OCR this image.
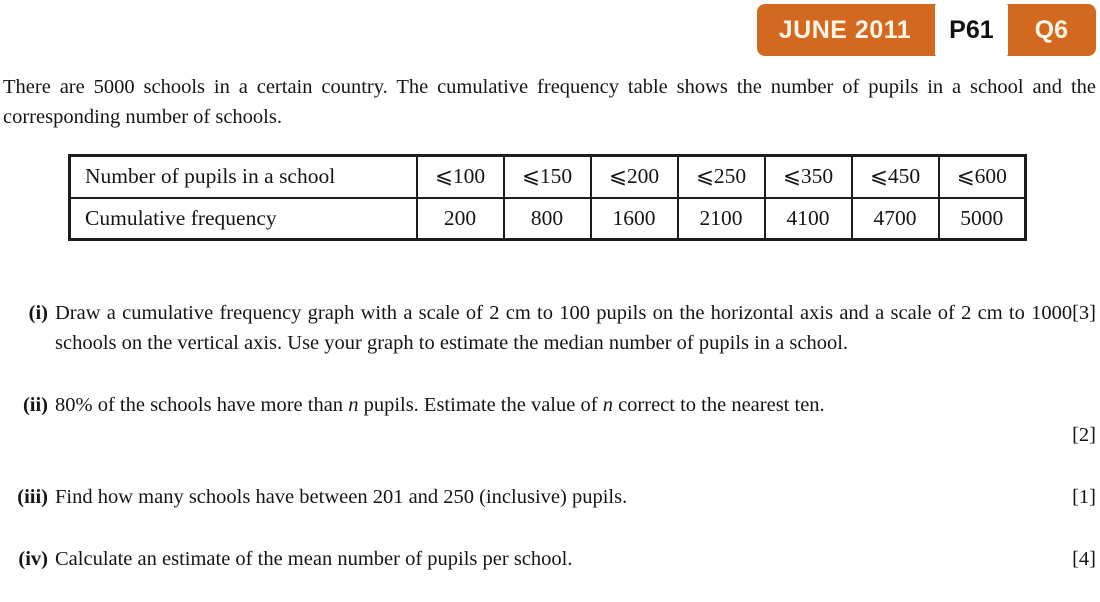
JUNE 2011	P61	Q6

There are 5000 schools in a certain country. The cumulative frequency table shows the number of pupils in a school and the corresponding number of schools.

Number of pupils in a school	⩽100	⩽150	⩽200	⩽250	⩽350	⩽450	⩽600
Cumulative frequency	200	800	1600	2100	4100	4700	5000
(i)	[3]
Draw a cumulative frequency graph with a scale of 2 cm to 100 pupils on the horizontal axis and a scale of 2 cm to 1000 schools on the vertical axis. Use your graph to estimate the median number of pupils in a school.
(ii) 80% of the schools have more than n pupils. Estimate the value of n correct to the nearest ten.
[2]
(iii)	[1]
Find how many schools have between 201 and 250 (inclusive) pupils.
(iv)	[4]
Calculate an estimate of the mean number of pupils per school.
